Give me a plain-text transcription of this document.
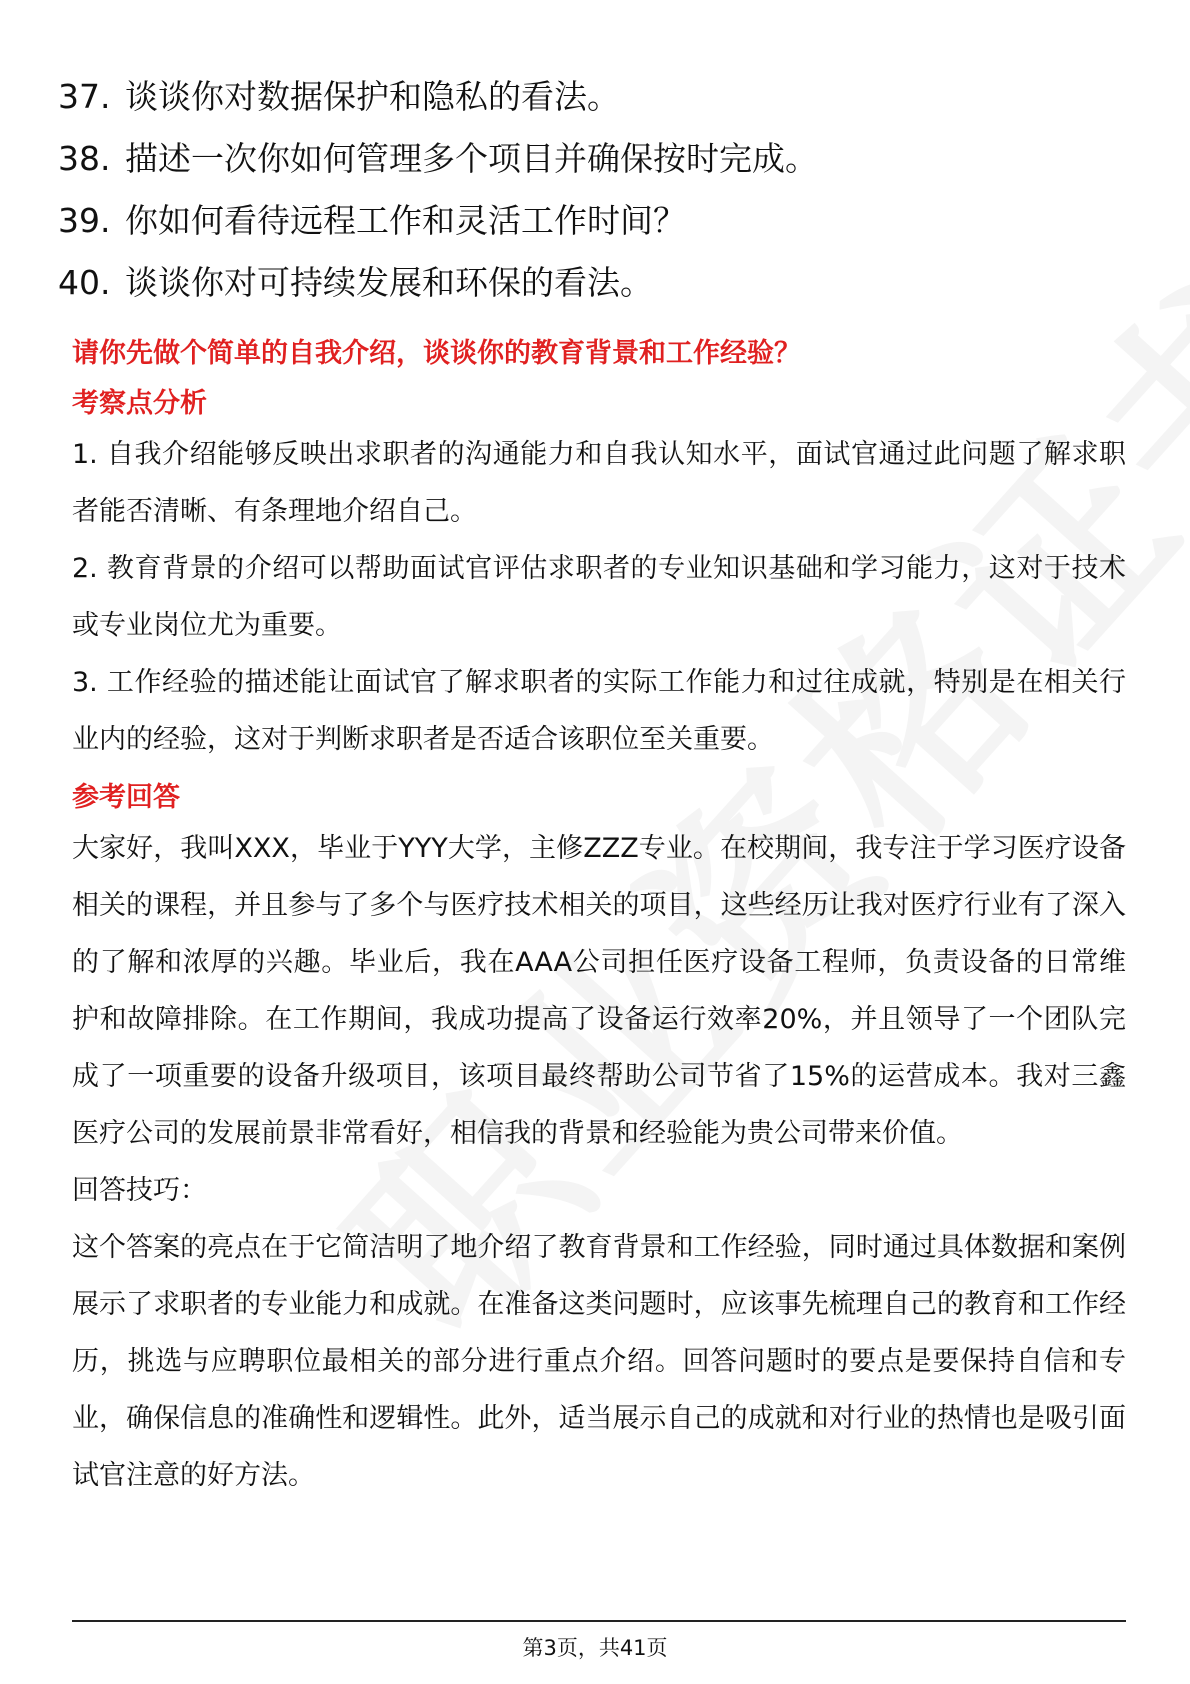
37. 谈谈你对数据保护和隐私的看法。
38. 描述一次你如何管理多个项目并确保按时完成。
39. 你如何看待远程工作和灵活工作时间？
40. 谈谈你对可持续发展和环保的看法。
请你先做个简单的自我介绍，谈谈你的教育背景和工作经验？
考察点分析
1. 自我介绍能够反映出求职者的沟通能力和自我认知水平，面试官通过此问题了解求职者能否清晰、有条理地介绍自己。
2. 教育背景的介绍可以帮助面试官评估求职者的专业知识基础和学习能力，这对于技术或专业岗位尤为重要。
3. 工作经验的描述能让面试官了解求职者的实际工作能力和过往成就，特别是在相关行业内的经验，这对于判断求职者是否适合该职位至关重要。
参考回答
大家好，我叫XXX，毕业于YYY大学，主修ZZZ专业。在校期间，我专注于学习医疗设备相关的课程，并且参与了多个与医疗技术相关的项目，这些经历让我对医疗行业有了深入的了解和浓厚的兴趣。毕业后，我在AAA公司担任医疗设备工程师，负责设备的日常维护和故障排除。在工作期间，我成功提高了设备运行效率20%，并且领导了一个团队完成了一项重要的设备升级项目，该项目最终帮助公司节省了15%的运营成本。我对三鑫医疗公司的发展前景非常看好，相信我的背景和经验能为贵公司带来价值。
回答技巧：
这个答案的亮点在于它简洁明了地介绍了教育背景和工作经验，同时通过具体数据和案例展示了求职者的专业能力和成就。在准备这类问题时，应该事先梳理自己的教育和工作经历，挑选与应聘职位最相关的部分进行重点介绍。回答问题时的要点是要保持自信和专业，确保信息的准确性和逻辑性。此外，适当展示自己的成就和对行业的热情也是吸引面试官注意的好方法。
第3页，共41页
